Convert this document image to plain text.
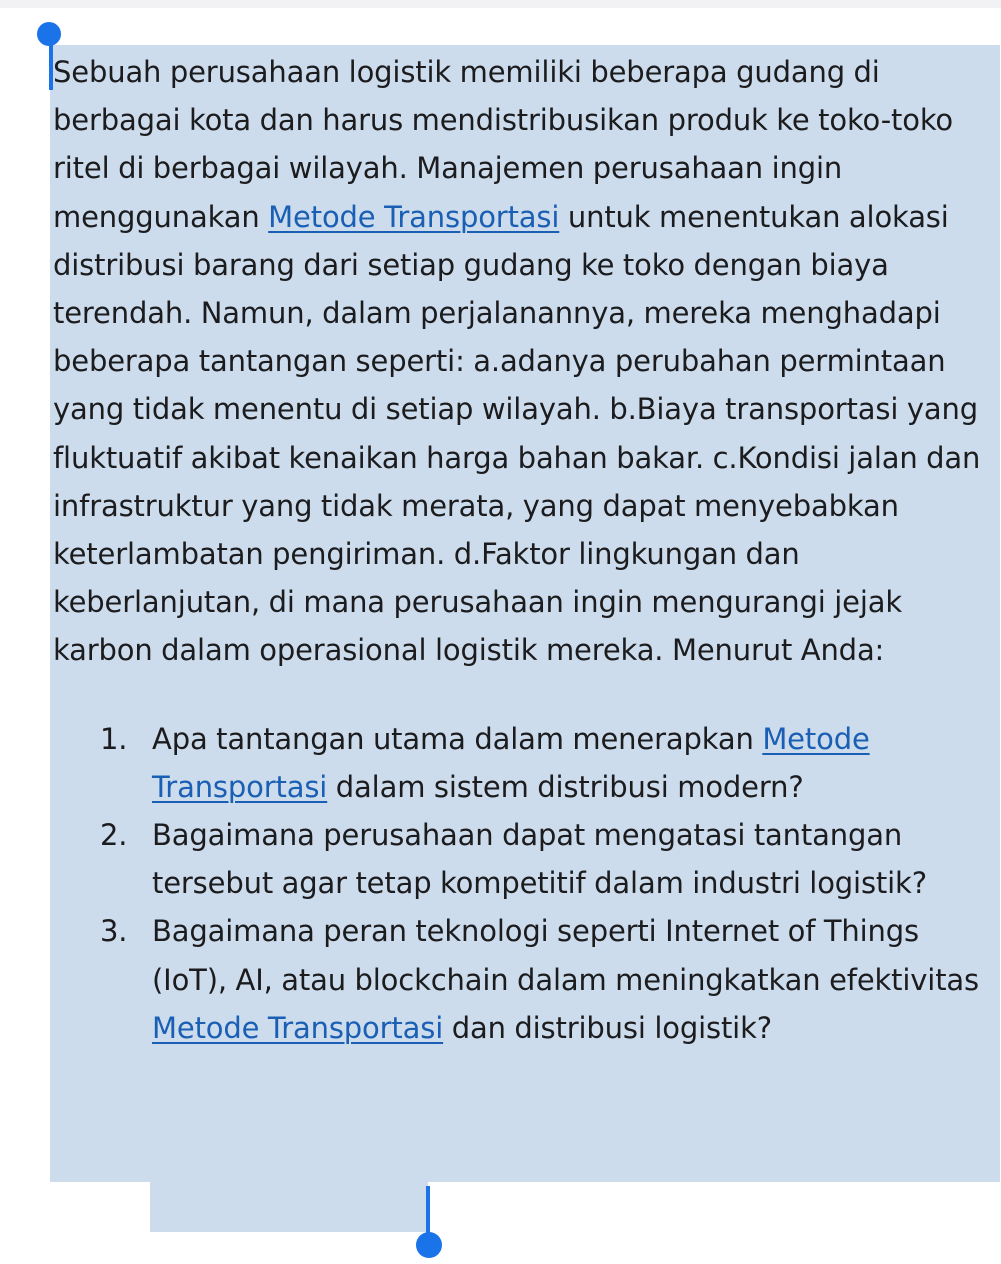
Sebuah perusahaan logistik memiliki beberapa gudang di berbagai kota dan harus mendistribusikan produk ke toko-toko ritel di berbagai wilayah. Manajemen perusahaan ingin menggunakan Metode Transportasi untuk menentukan alokasi distribusi barang dari setiap gudang ke toko dengan biaya terendah. Namun, dalam perjalanannya, mereka menghadapi beberapa tantangan seperti: a.adanya perubahan permintaan yang tidak menentu di setiap wilayah. b.Biaya transportasi yang fluktuatif akibat kenaikan harga bahan bakar. c.Kondisi jalan dan infrastruktur yang tidak merata, yang dapat menyebabkan keterlambatan pengiriman. d.Faktor lingkungan dan keberlanjutan, di mana perusahaan ingin mengurangi jejak karbon dalam operasional logistik mereka. Menurut Anda:

1. Apa tantangan utama dalam menerapkan Metode Transportasi dalam sistem distribusi modern?
2. Bagaimana perusahaan dapat mengatasi tantangan tersebut agar tetap kompetitif dalam industri logistik?
3. Bagaimana peran teknologi seperti Internet of Things (IoT), AI, atau blockchain dalam meningkatkan efektivitas Metode Transportasi dan distribusi logistik?
